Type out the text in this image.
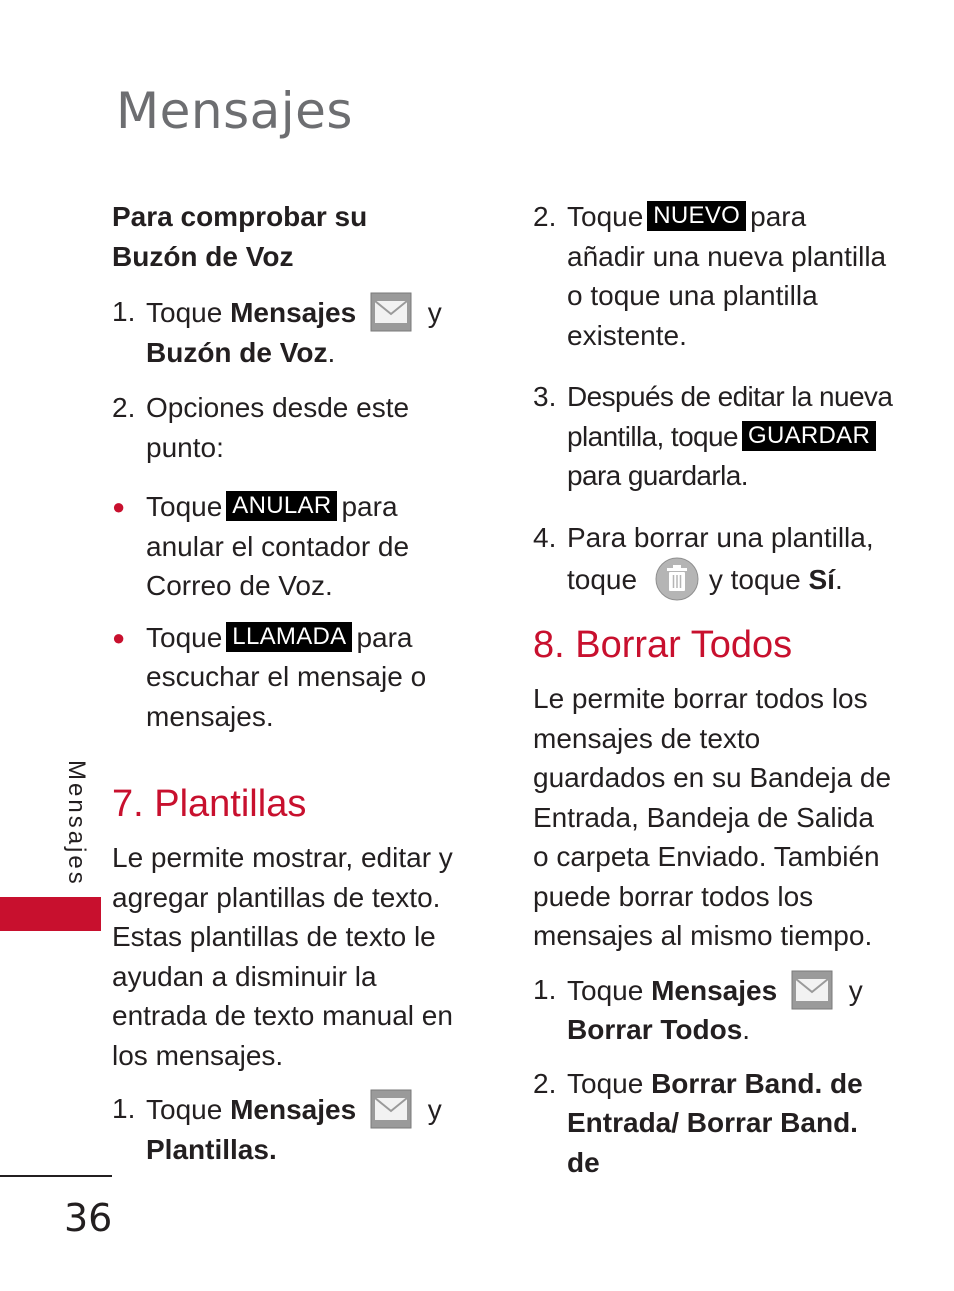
Mensajes

Para comprobar su Buzón de Voz

1. Toque Mensajes  y
Buzón de Voz.
2. Opciones desde este punto:
● Toque ANULAR para anular el contador de Correo de Voz.
● Toque LLAMADA para escuchar el mensaje o mensajes.

7. Plantillas

Le permite mostrar, editar y agregar plantillas de texto. Estas plantillas de texto le ayudan a disminuir la entrada de texto manual en los mensajes.

1. Toque Mensajes  y
Plantillas.
2. Toque NUEVO para añadir una nueva plantilla o toque una plantilla existente.
3. Después de editar la nueva plantilla, toque GUARDARpara guardarla.
4. Para borrar una plantilla, toque	y toque Sí.

8. Borrar Todos

Le permite borrar todos los mensajes de texto guardados en su Bandeja de Entrada, Bandeja de Salida o carpeta Enviado. También puede borrar todos los mensajes al mismo tiempo.

1. Toque Mensajes  y
Borrar Todos.
2. Toque Borrar Band. de Entrada/ Borrar Band. de
Mensajes
36
